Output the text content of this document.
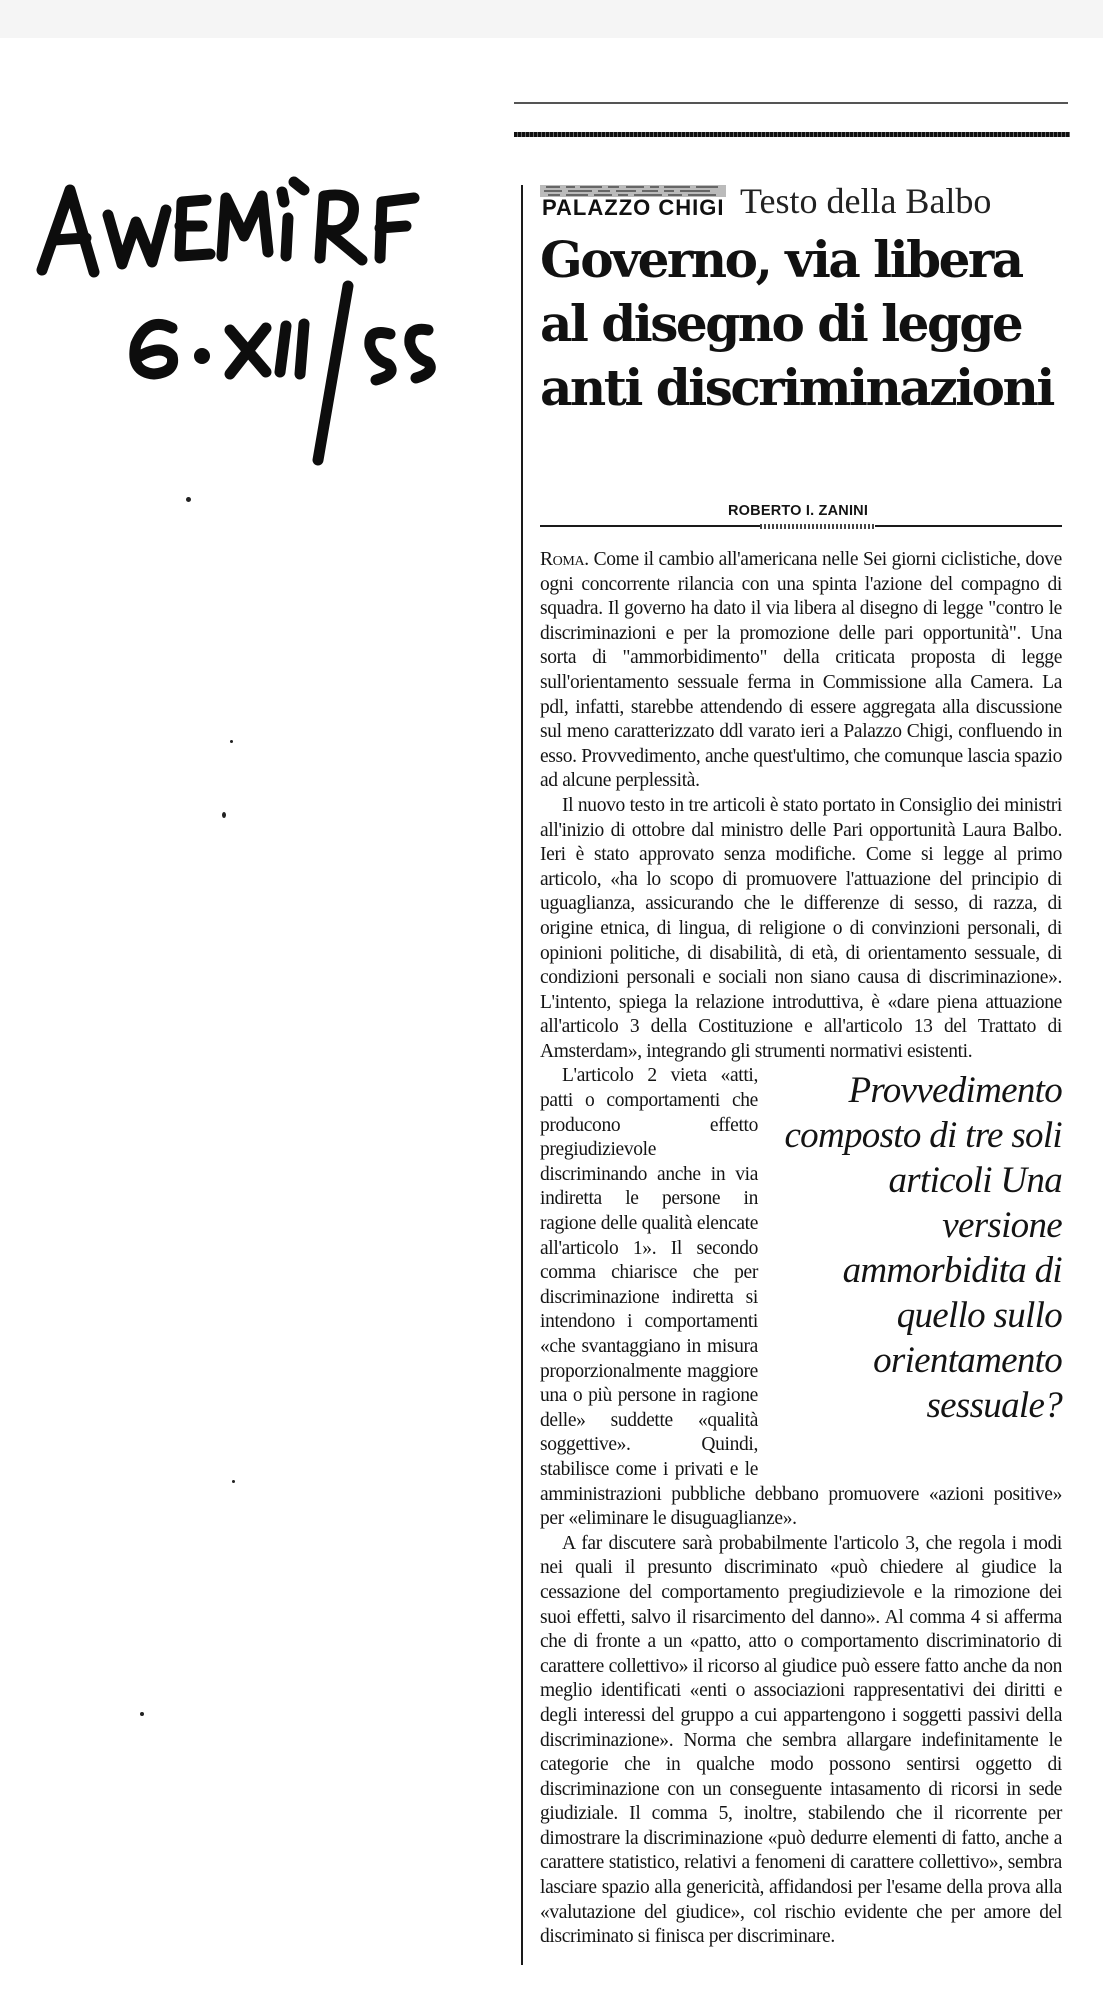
PALAZZO CHIGI Testo della Balbo
Governo, via libera al disegno di legge anti discriminazioni
ROBERTO I. ZANINI

Roma. Come il cambio all'americana nelle Sei giorni ciclistiche, dove ogni concorrente rilancia con una spinta l'azione del compagno di squadra. Il governo ha dato il via libera al disegno di legge "contro le discriminazioni e per la promozione delle pari opportunità". Una sorta di "ammorbidimento" della criticata proposta di legge sull'orientamento sessuale ferma in Commissione alla Camera. La pdl, infatti, starebbe attendendo di essere aggregata alla discussione sul meno caratterizzato ddl varato ieri a Palazzo Chigi, confluendo in esso. Provvedimento, anche quest'ultimo, che comunque lascia spazio ad alcune perplessità.

Il nuovo testo in tre articoli è stato portato in Consiglio dei ministri all'inizio di ottobre dal ministro delle Pari opportunità Laura Balbo. Ieri è stato approvato senza modifiche. Come si legge al primo articolo, «ha lo scopo di promuovere l'attuazione del principio di uguaglianza, assicurando che le differenze di sesso, di razza, di origine etnica, di lingua, di religione o di convinzioni personali, di opinioni politiche, di disabilità, di età, di orientamento sessuale, di condizioni personali e sociali non siano causa di discriminazione». L'intento, spiega la relazione introduttiva, è «dare piena attuazione all'articolo 3 della Costituzione e all'articolo 13 del Trattato di Amsterdam», integrando gli strumenti normativi esistenti.

Provvedimento composto di tre soli articoli Una versione ammorbidita di quello sullo orientamento sessuale?

L'articolo 2 vieta «atti, patti o comportamenti che producono effetto pregiudizievole discriminando anche in via indiretta le persone in ragione delle qualità elencate all'articolo 1». Il secondo comma chiarisce che per discriminazione indiretta si intendono i comportamenti «che svantaggiano in misura proporzionalmente maggiore una o più persone in ragione delle» suddette «qualità soggettive». Quindi, stabilisce come i privati e le amministrazioni pubbliche debbano promuovere «azioni positive» per «eliminare le disuguaglianze».

A far discutere sarà probabilmente l'articolo 3, che regola i modi nei quali il presunto discriminato «può chiedere al giudice la cessazione del comportamento pregiudizievole e la rimozione dei suoi effetti, salvo il risarcimento del danno». Al comma 4 si afferma che di fronte a un «patto, atto o comportamento discriminatorio di carattere collettivo» il ricorso al giudice può essere fatto anche da non meglio identificati «enti o associazioni rappresentativi dei diritti e degli interessi del gruppo a cui appartengono i soggetti passivi della discriminazione». Norma che sembra allargare indefinitamente le categorie che in qualche modo possono sentirsi oggetto di discriminazione con un conseguente intasamento di ricorsi in sede giudiziale. Il comma 5, inoltre, stabilendo che il ricorrente per dimostrare la discriminazione «può dedurre elementi di fatto, anche a carattere statistico, relativi a fenomeni di carattere collettivo», sembra lasciare spazio alla genericità, affidandosi per l'esame della prova alla «valutazione del giudice», col rischio evidente che per amore del discriminato si finisca per discriminare.
